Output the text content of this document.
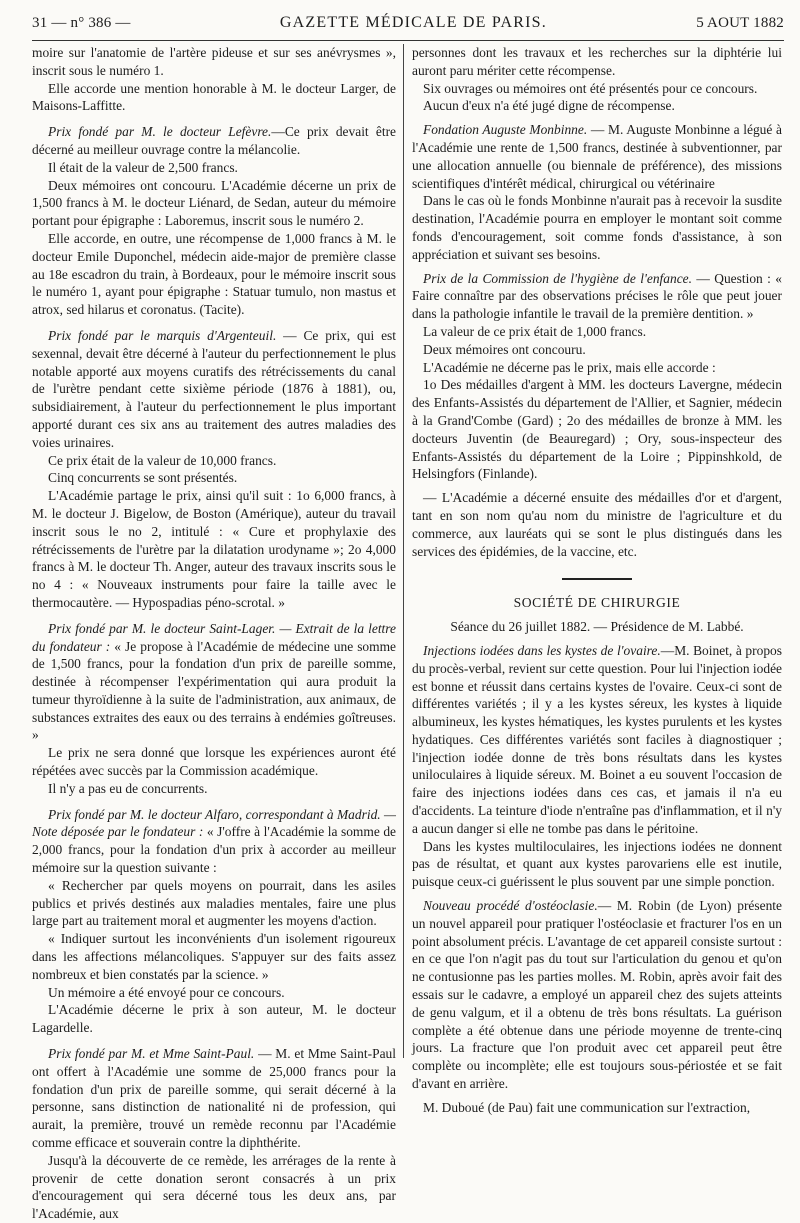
31 — n° 386 —	GAZETTE MÉDICALE DE PARIS.	5 AOUT 1882

moire sur l'anatomie de l'artère pideuse et sur ses anévrysmes », inscrit sous le numéro 1.

Elle accorde une mention honorable à M. le docteur Larger, de Maisons-Laffitte.

Prix fondé par M. le docteur Lefèvre.—Ce prix devait être décerné au meilleur ouvrage contre la mélancolie.

Il était de la valeur de 2,500 francs.

Deux mémoires ont concouru. L'Académie décerne un prix de 1,500 francs à M. le docteur Liénard, de Sedan, auteur du mémoire portant pour épigraphe : Laboremus, inscrit sous le numéro 2.

Elle accorde, en outre, une récompense de 1,000 francs à M. le docteur Emile Duponchel, médecin aide-major de première classe au 18e escadron du train, à Bordeaux, pour le mémoire inscrit sous le numéro 1, ayant pour épigraphe : Statuar tumulo, non mastus et atrox, sed hilarus et coronatus. (Tacite).

Prix fondé par le marquis d'Argenteuil. — Ce prix, qui est sexennal, devait être décerné à l'auteur du perfectionnement le plus notable apporté aux moyens curatifs des rétrécissements du canal de l'urètre pendant cette sixième période (1876 à 1881), ou, subsidiairement, à l'auteur du perfectionnement le plus important apporté durant ces six ans au traitement des autres maladies des voies urinaires.

Ce prix était de la valeur de 10,000 francs.

Cinq concurrents se sont présentés.

L'Académie partage le prix, ainsi qu'il suit : 1o 6,000 francs, à M. le docteur J. Bigelow, de Boston (Amérique), auteur du travail inscrit sous le no 2, intitulé : « Cure et prophylaxie des rétrécissements de l'urètre par la dilatation urodyname »; 2o 4,000 francs à M. le docteur Th. Anger, auteur des travaux inscrits sous le no 4 : « Nouveaux instruments pour faire la taille avec le thermocautère. — Hypospadias péno-scrotal. »

Prix fondé par M. le docteur Saint-Lager. — Extrait de la lettre du fondateur : « Je propose à l'Académie de médecine une somme de 1,500 francs, pour la fondation d'un prix de pareille somme, destinée à récompenser l'expérimentation qui aura produit la tumeur thyroïdienne à la suite de l'administration, aux animaux, de substances extraites des eaux ou des terrains à endémies goîtreuses. »

Le prix ne sera donné que lorsque les expériences auront été répétées avec succès par la Commission académique.

Il n'y a pas eu de concurrents.

Prix fondé par M. le docteur Alfaro, correspondant à Madrid. — Note déposée par le fondateur : « J'offre à l'Académie la somme de 2,000 francs, pour la fondation d'un prix à accorder au meilleur mémoire sur la question suivante :

« Rechercher par quels moyens on pourrait, dans les asiles publics et privés destinés aux maladies mentales, faire une plus large part au traitement moral et augmenter les moyens d'action.

« Indiquer surtout les inconvénients d'un isolement rigoureux dans les affections mélancoliques. S'appuyer sur des faits assez nombreux et bien constatés par la science. »

Un mémoire a été envoyé pour ce concours.

L'Académie décerne le prix à son auteur, M. le docteur Lagardelle.

Prix fondé par M. et Mme Saint-Paul. — M. et Mme Saint-Paul ont offert à l'Académie une somme de 25,000 francs pour la fondation d'un prix de pareille somme, qui serait décerné à la personne, sans distinction de nationalité ni de profession, qui aurait, la première, trouvé un remède reconnu par l'Académie comme efficace et souverain contre la diphthérite.

Jusqu'à la découverte de ce remède, les arrérages de la rente à provenir de cette donation seront consacrés à un prix d'encouragement qui sera décerné tous les deux ans, par l'Académie, aux

personnes dont les travaux et les recherches sur la diphtérie lui auront paru mériter cette récompense.

Six ouvrages ou mémoires ont été présentés pour ce concours.

Aucun d'eux n'a été jugé digne de récompense.

Fondation Auguste Monbinne. — M. Auguste Monbinne a légué à l'Académie une rente de 1,500 francs, destinée à subventionner, par une allocation annuelle (ou biennale de préférence), des missions scientifiques d'intérêt médical, chirurgical ou vétérinaire

Dans le cas où le fonds Monbinne n'aurait pas à recevoir la susdite destination, l'Académie pourra en employer le montant soit comme fonds d'encouragement, soit comme fonds d'assistance, à son appréciation et suivant ses besoins.

Prix de la Commission de l'hygiène de l'enfance. — Question : « Faire connaître par des observations précises le rôle que peut jouer dans la pathologie infantile le travail de la première dentition. »

La valeur de ce prix était de 1,000 francs.

Deux mémoires ont concouru.

L'Académie ne décerne pas le prix, mais elle accorde :

1o Des médailles d'argent à MM. les docteurs Lavergne, médecin des Enfants-Assistés du département de l'Allier, et Sagnier, médecin à la Grand'Combe (Gard) ; 2o des médailles de bronze à MM. les docteurs Juventin (de Beauregard) ; Ory, sous-inspecteur des Enfants-Assistés du département de la Loire ; Pippinshkold, de Helsingfors (Finlande).

— L'Académie a décerné ensuite des médailles d'or et d'argent, tant en son nom qu'au nom du ministre de l'agriculture et du commerce, aux lauréats qui se sont le plus distingués dans les services des épidémies, de la vaccine, etc.

SOCIÉTÉ DE CHIRURGIE
Séance du 26 juillet 1882. — Présidence de M. Labbé.

Injections iodées dans les kystes de l'ovaire.—M. Boinet, à propos du procès-verbal, revient sur cette question. Pour lui l'injection iodée est bonne et réussit dans certains kystes de l'ovaire. Ceux-ci sont de différentes variétés ; il y a les kystes séreux, les kystes à liquide albumineux, les kystes hématiques, les kystes purulents et les kystes hydatiques. Ces différentes variétés sont faciles à diagnostiquer ; l'injection iodée donne de très bons résultats dans les kystes uniloculaires à liquide séreux. M. Boinet a eu souvent l'occasion de faire des injections iodées dans ces cas, et jamais il n'a eu d'accidents. La teinture d'iode n'entraîne pas d'inflammation, et il n'y a aucun danger si elle ne tombe pas dans le péritoine.

Dans les kystes multiloculaires, les injections iodées ne donnent pas de résultat, et quant aux kystes parovariens elle est inutile, puisque ceux-ci guérissent le plus souvent par une simple ponction.

Nouveau procédé d'ostéoclasie.— M. Robin (de Lyon) présente un nouvel appareil pour pratiquer l'ostéoclasie et fracturer l'os en un point absolument précis. L'avantage de cet appareil consiste surtout : en ce que l'on n'agit pas du tout sur l'articulation du genou et qu'on ne contusionne pas les parties molles. M. Robin, après avoir fait des essais sur le cadavre, a employé un appareil chez des sujets atteints de genu valgum, et il a obtenu de très bons résultats. La guérison complète a été obtenue dans une période moyenne de trente-cinq jours. La fracture que l'on produit avec cet appareil peut être complète ou incomplète; elle est toujours sous-périostée et se fait d'avant en arrière.

M. Duboué (de Pau) fait une communication sur l'extraction,
